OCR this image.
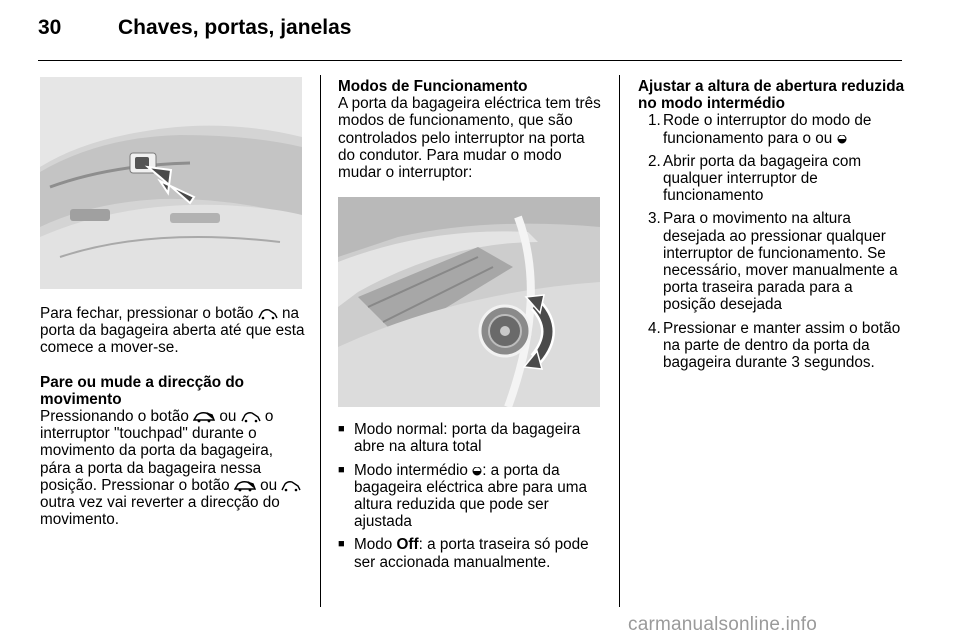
30	Chaves, portas, janelas

Para fechar, pressionar o botão na porta da bagageira aberta até que esta comece a mover-se.

Pare ou mude a direcção do movimento

Pressionando o botão ou o interruptor "touchpad" durante o movimento da porta da bagageira, pára a porta da bagageira nessa posição. Pressionar o botão ou  outra vez vai reverter a direcção do movimento.

Modos de Funcionamento

A porta da bagageira eléctrica tem três modos de funcionamento, que são controlados pelo interruptor na porta do condutor. Para mudar o modo mudar o interruptor:

■ Modo normal: porta da bagageira abre na altura total
■ Modo intermédio : a porta da bagageira eléctrica abre para uma altura reduzida que pode ser ajustada
■ Modo Off: a porta traseira só pode ser accionada manualmente.

Ajustar a altura de abertura reduzida no modo intermédio

1. Rode o interruptor do modo de funcionamento para o ou
2. Abrir porta da bagageira com qualquer interruptor de funcionamento
3. Para o movimento na altura desejada ao pressionar qualquer interruptor de funcionamento. Se necessário, mover manualmente a porta traseira parada para a posição desejada
4. Pressionar e manter assim o botão na parte de dentro da porta da bagageira durante 3 segundos.
carmanualsonline.info
